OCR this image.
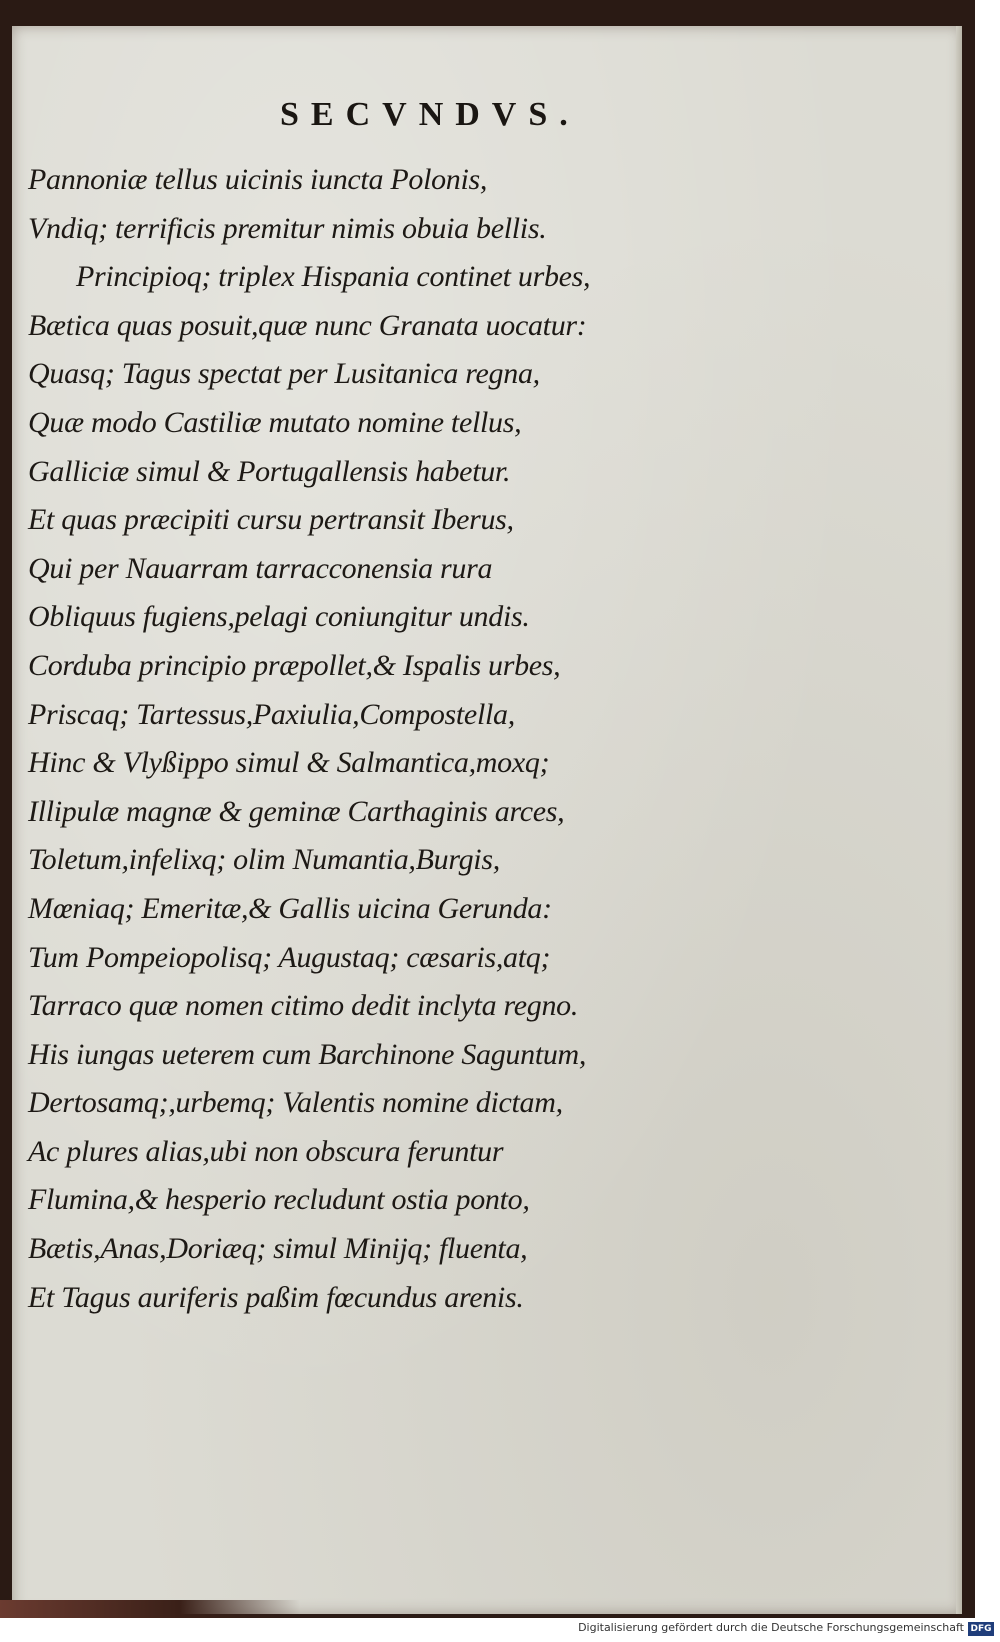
SECVNDVS.
Pannoniæ tellus uicinis iuncta Polonis,
Vndiq; terrificis premitur nimis obuia bellis.
Principioq; triplex Hispania continet urbes,
Bætica quas posuit,quæ nunc Granata uocatur:
Quasq; Tagus spectat per Lusitanica regna,
Quæ modo Castiliæ mutato nomine tellus,
Galliciæ simul & Portugallensis habetur.
Et quas præcipiti cursu pertransit Iberus,
Qui per Nauarram tarracconensia rura
Obliquus fugiens,pelagi coniungitur undis.
Corduba principio præpollet,& Ispalis urbes,
Priscaq; Tartessus,Paxiulia,Compostella,
Hinc & Vlyßippo simul & Salmantica,moxq;
Illipulæ magnæ & geminæ Carthaginis arces,
Toletum,infelixq; olim Numantia,Burgis,
Mœniaq; Emeritæ,& Gallis uicina Gerunda:
Tum Pompeiopolisq; Augustaq; cæsaris,atq;
Tarraco quæ nomen citimo dedit inclyta regno.
His iungas ueterem cum Barchinone Saguntum,
Dertosamq;,urbemq; Valentis nomine dictam,
Ac plures alias,ubi non obscura feruntur
Flumina,& hesperio recludunt ostia ponto,
Bætis,Anas,Doriæq; simul Minijq; fluenta,
Et Tagus auriferis paßim fœcundus arenis.
Digitalisierung gefördert durch die Deutsche Forschungsgemeinschaft DFG
